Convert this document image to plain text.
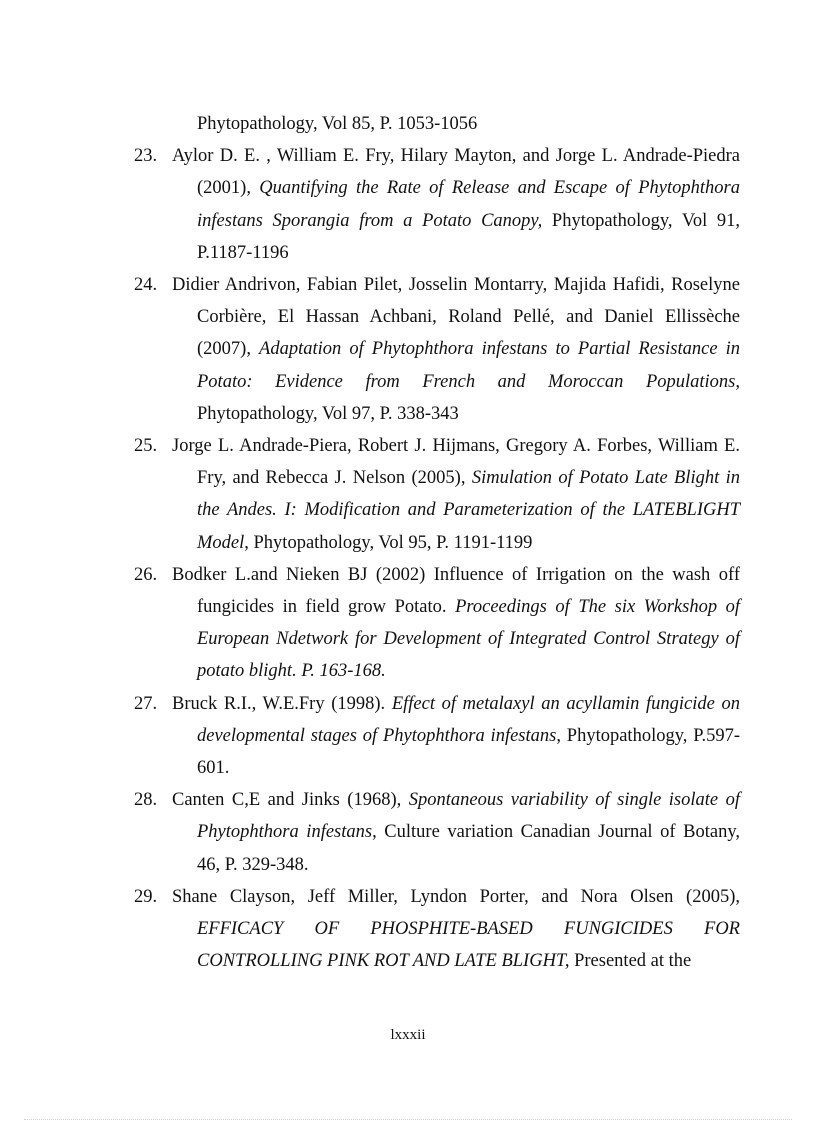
Phytopathology, Vol 85, P. 1053-1056

23. Aylor D. E. , William E. Fry, Hilary Mayton, and Jorge L. Andrade-Piedra (2001), Quantifying the Rate of Release and Escape of Phytophthora infestans Sporangia from a Potato Canopy, Phytopathology, Vol 91, P.1187-1196

24. Didier Andrivon, Fabian Pilet, Josselin Montarry, Majida Hafidi, Roselyne Corbière, El Hassan Achbani, Roland Pellé, and Daniel Ellissèche (2007), Adaptation of Phytophthora infestans to Partial Resistance in Potato: Evidence from French and Moroccan Populations, Phytopathology, Vol 97, P. 338-343

25. Jorge L. Andrade-Piera, Robert J. Hijmans, Gregory A. Forbes, William E. Fry, and Rebecca J. Nelson (2005), Simulation of Potato Late Blight in the Andes. I: Modification and Parameterization of the LATEBLIGHT Model, Phytopathology, Vol 95, P. 1191-1199

26. Bodker L.and Nieken BJ (2002) Influence of Irrigation on the wash off fungicides in field grow Potato. Proceedings of The six Workshop of European Ndetwork for Development of Integrated Control Strategy of potato blight. P. 163-168.

27. Bruck R.I., W.E.Fry (1998). Effect of metalaxyl an acyllamin fungicide on developmental stages of Phytophthora infestans, Phytopathology, P.597-601.

28. Canten C,E and Jinks (1968), Spontaneous variability of single isolate of Phytophthora infestans, Culture variation Canadian Journal of Botany, 46, P. 329-348.

29. Shane Clayson, Jeff Miller, Lyndon Porter, and Nora Olsen (2005), EFFICACY OF PHOSPHITE-BASED FUNGICIDES FOR CONTROLLING PINK ROT AND LATE BLIGHT, Presented at the

lxxxii
